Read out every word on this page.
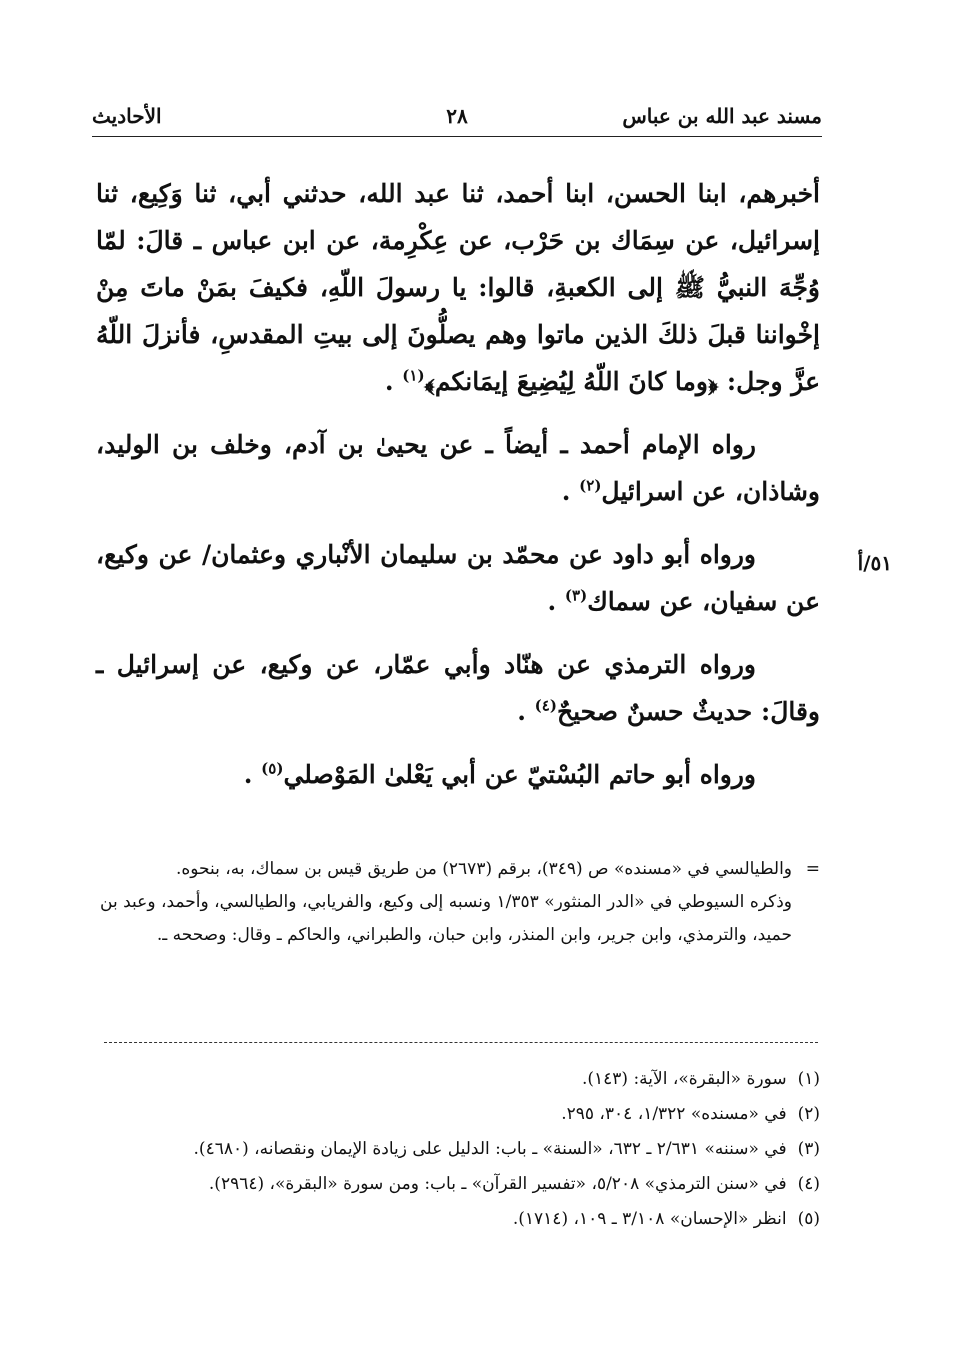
مسند عبد الله بن عباس
٢٨
الأحاديث
٥١/أ

أخبرهم، ابنا الحسن، ابنا أحمد، ثنا عبد الله، حدثني أبي، ثنا وَكِيع، ثنا إسرائيل، عن سِمَاك بن حَرْب، عن عِكْرِمة، عن ابن عباس ـ قالَ: لمّا وُجِّهَ النبيُّ ﷺ إلى الكعبةِ، قالوا: يا رسولَ اللّهِ، فكيفَ بمَنْ ماتَ مِنْ إخْواننا قبلَ ذلكَ الذين ماتوا وهم يصلُّونَ إلى بيتِ المقدسِ، فأنزلَ اللّهُ عزَّ وجل: ﴿وما كانَ اللّهُ لِيُضِيعَ إيمَانكم﴾$^{(١)}$ .

رواه الإمام أحمد ـ أيضاً ـ عن يحيىٰ بن آدم، وخلف بن الوليد، وشاذان، عن اسرائيل$^{(٢)}$ .

ورواه أبو داود عن محمّد بن سليمان الأنْباري وعثمان/ عن وكيع، عن سفيان، عن سماك$^{(٣)}$ .

ورواه الترمذي عن هنّاد وأبي عمّار، عن وكيع، عن إسرائيل ـ وقالَ: حديثٌ حسنٌ صحيحٌ$^{(٤)}$ .

ورواه أبو حاتم البُسْتيّ عن أبي يَعْلىٰ المَوْصلي$^{(٥)}$ .

=والطيالسي في «مسنده» ص (٣٤٩)، برقم (٢٦٧٣) من طريق قيس بن سماك، به، بنحوه.

وذكره السيوطي في «الدر المنثور» ١/٣٥٣ ونسبه إلى وكيع، والفريابي، والطيالسي، وأحمد، وعبد بن حميد، والترمذي، وابن جرير، وابن المنذر، وابن حبان، والطبراني، والحاكم ـ وقال: وصححه ـ.

(١) سورة «البقرة»، الآية: (١٤٣).

(٢) في «مسنده» ١/٣٢٢، ٣٠٤، ٢٩٥.

(٣) في «سننه» ٢/٦٣١ ـ ٦٣٢، «السنة» ـ باب: الدليل على زيادة الإيمان ونقصانه، (٤٦٨٠).

(٤) في «سنن الترمذي» ٥/٢٠٨، «تفسير القرآن» ـ باب: ومن سورة «البقرة»، (٢٩٦٤).

(٥) انظر «الإحسان» ٣/١٠٨ ـ ١٠٩، (١٧١٤).
